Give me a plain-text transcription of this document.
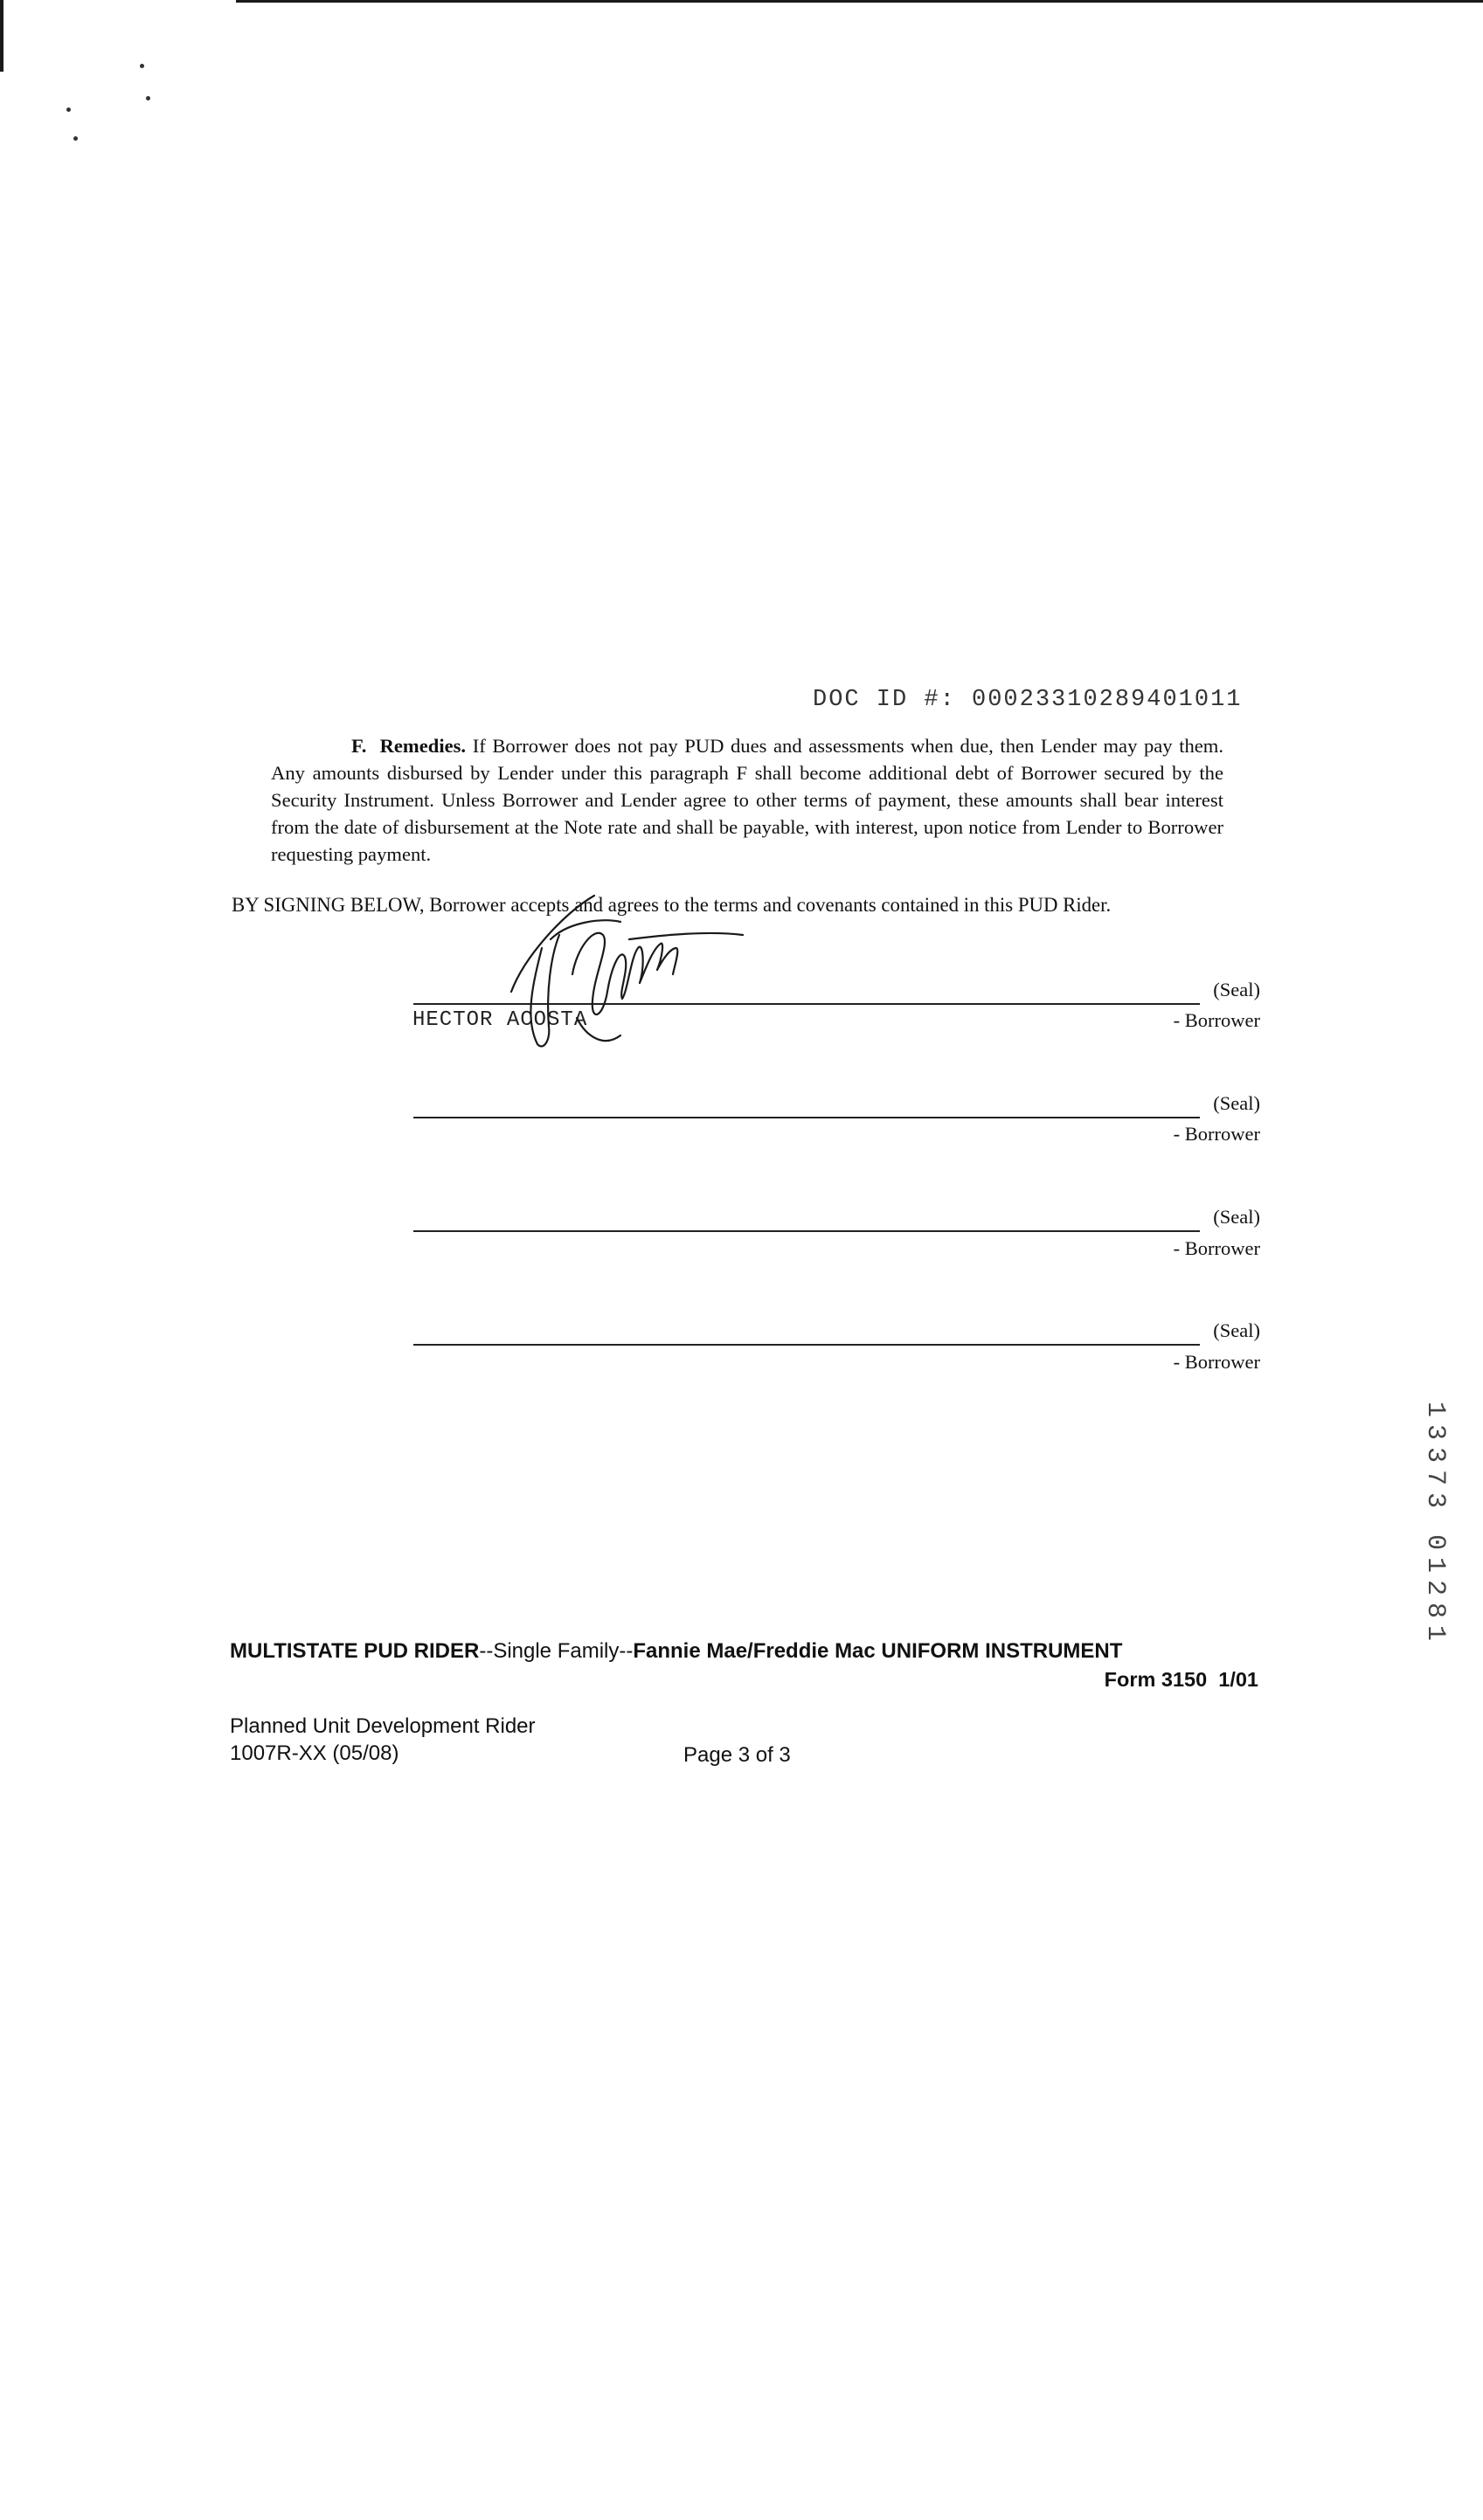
DOC ID #: 00023310289401011
F. Remedies. If Borrower does not pay PUD dues and assessments when due, then Lender may pay them. Any amounts disbursed by Lender under this paragraph F shall become additional debt of Borrower secured by the Security Instrument. Unless Borrower and Lender agree to other terms of payment, these amounts shall bear interest from the date of disbursement at the Note rate and shall be payable, with interest, upon notice from Lender to Borrower requesting payment.
BY SIGNING BELOW, Borrower accepts and agrees to the terms and covenants contained in this PUD Rider.
(Seal)
HECTOR ACOSTA	- Borrower
(Seal)
- Borrower
(Seal)
- Borrower
(Seal)
- Borrower
1
3
3
7
3
0
1
2
8
1
MULTISTATE PUD RIDER--Single Family--Fannie Mae/Freddie Mac UNIFORM INSTRUMENT
Form 3150  1/01
Planned Unit Development Rider
1007R-XX (05/08)	Page 3 of 3
